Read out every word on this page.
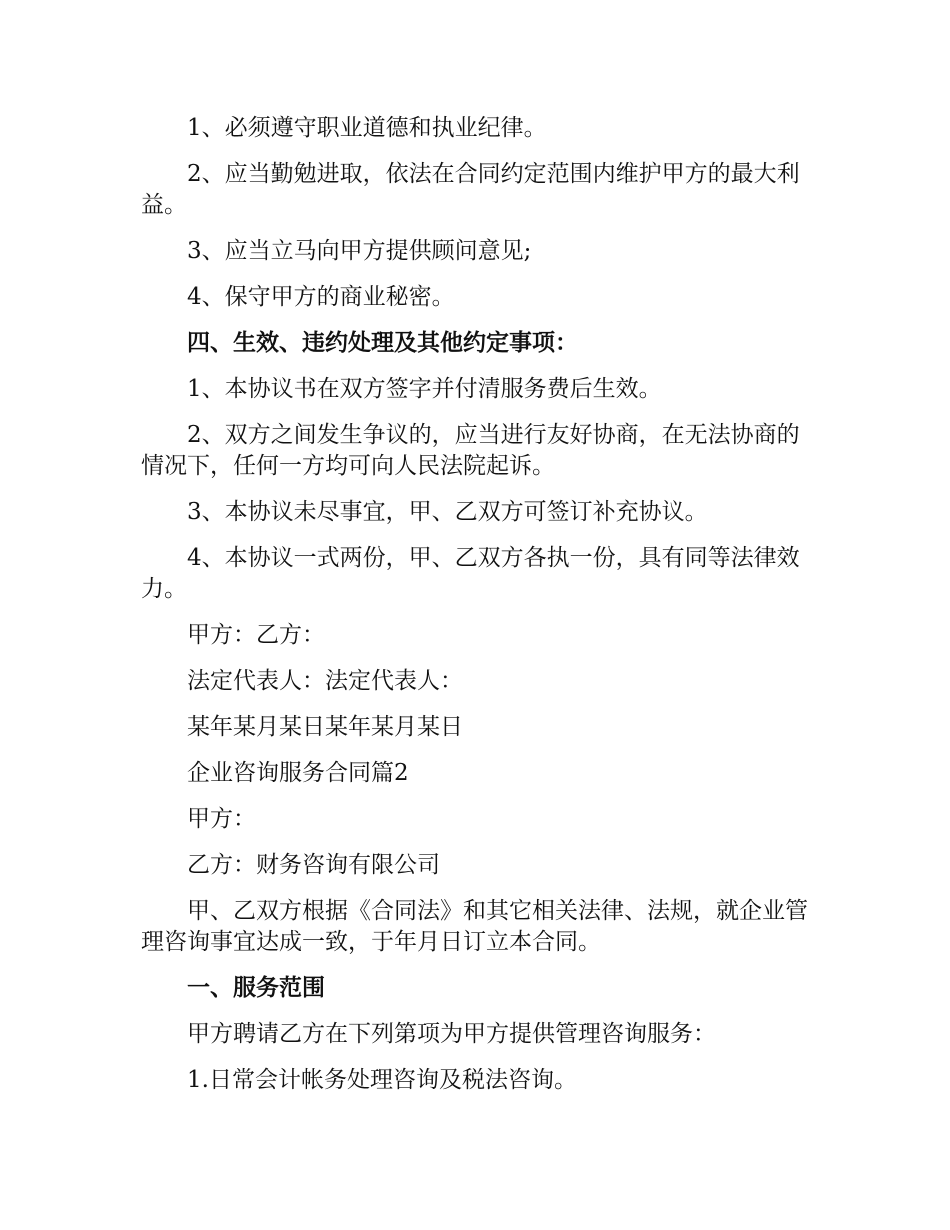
1、必须遵守职业道德和执业纪律。

2、应当勤勉进取，依法在合同约定范围内维护甲方的最大利益。

3、应当立马向甲方提供顾问意见;

4、保守甲方的商业秘密。

四、生效、违约处理及其他约定事项：

1、本协议书在双方签字并付清服务费后生效。

2、双方之间发生争议的，应当进行友好协商，在无法协商的情况下，任何一方均可向人民法院起诉。

3、本协议未尽事宜，甲、乙双方可签订补充协议。

4、本协议一式两份，甲、乙双方各执一份，具有同等法律效力。

甲方：乙方：

法定代表人：法定代表人：

某年某月某日某年某月某日

企业咨询服务合同篇2

甲方：

乙方：财务咨询有限公司

甲、乙双方根据《合同法》和其它相关法律、法规，就企业管理咨询事宜达成一致，于年月日订立本合同。

一、服务范围

甲方聘请乙方在下列第项为甲方提供管理咨询服务：

1.日常会计帐务处理咨询及税法咨询。
